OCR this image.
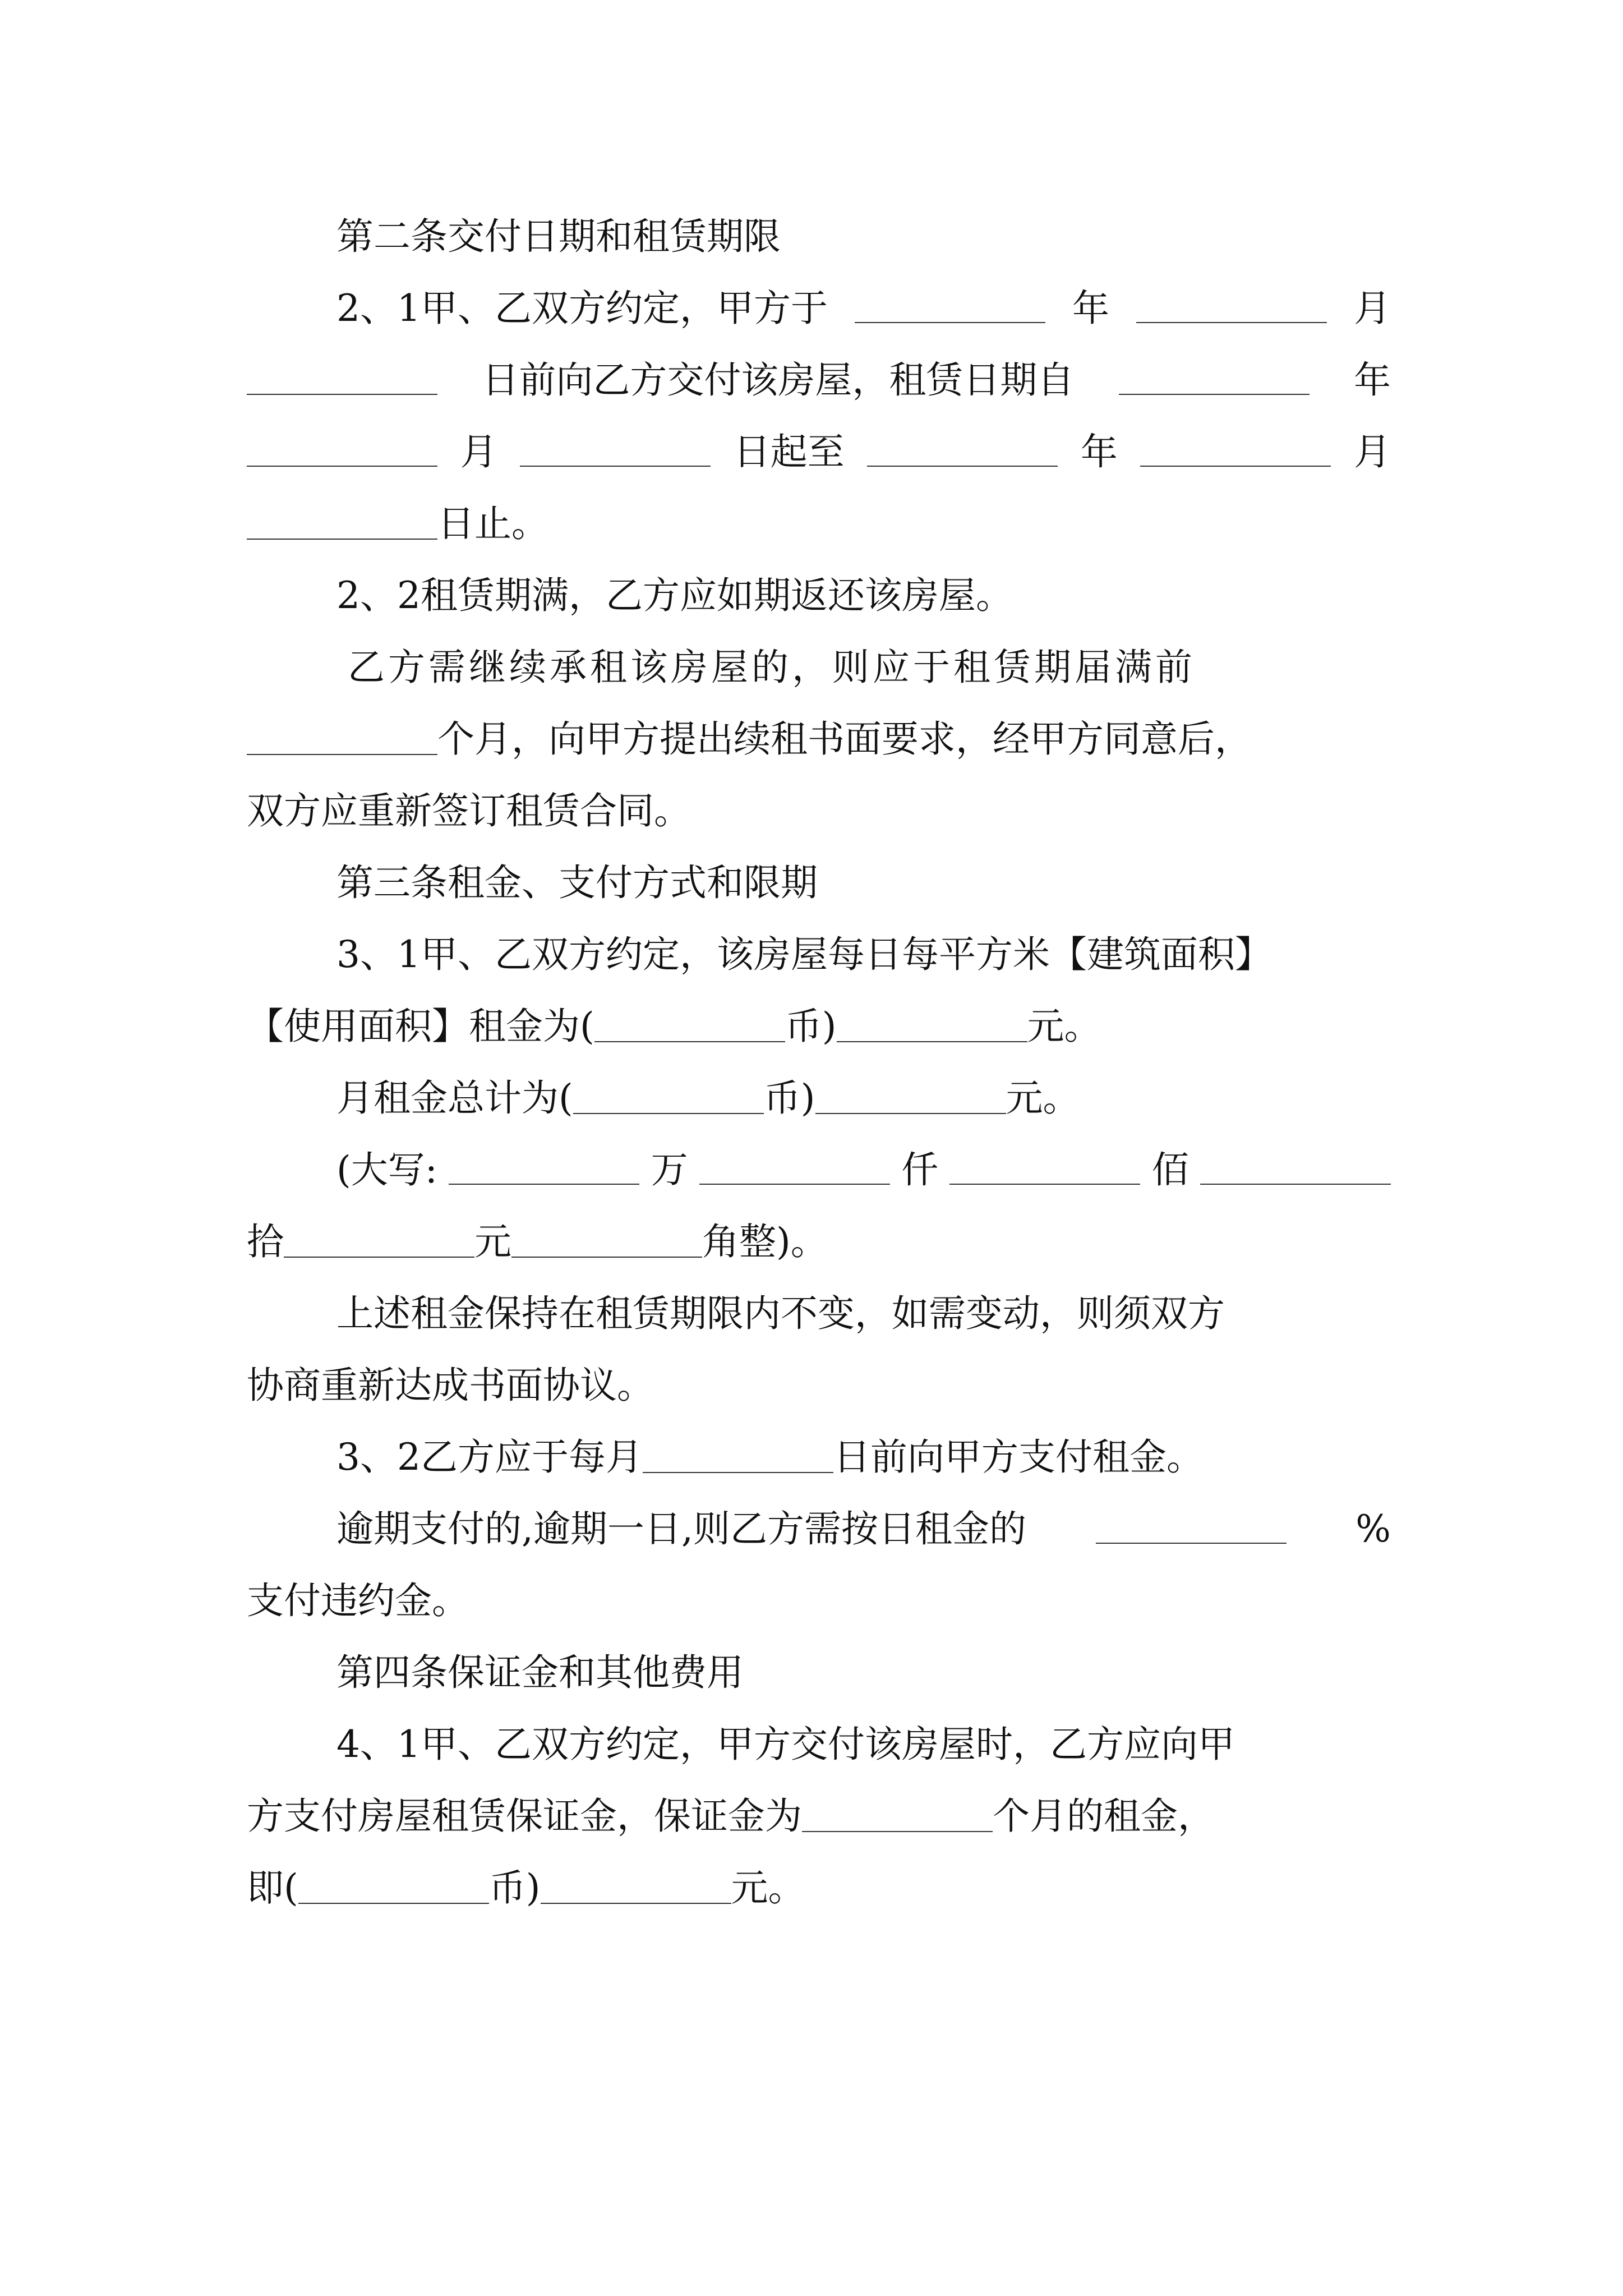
第二条交付日期和租赁期限
2、1甲、乙双方约定，甲方于	年	月
日前向乙方交付该房屋，租赁日期自	年
月	日起至	年	月
日止。
2、2租赁期满，乙方应如期返还该房屋。
乙方需继续承租该房屋的，则应于租赁期届满前
个月，向甲方提出续租书面要求，经甲方同意后，
双方应重新签订租赁合同。
第三条租金、支付方式和限期
3、1甲、乙双方约定，该房屋每日每平方米【建筑面积】
【使用面积】租金为(	币)	元。
月租金总计为(	币)	元。
(大写:	万	仟	佰
拾	元	角整)。
上述租金保持在租赁期限内不变，如需变动，则须双方
协商重新达成书面协议。
3、2乙方应于每月	日前向甲方支付租金。
逾期支付的,逾期一日,则乙方需按日租金的	%
支付违约金。
第四条保证金和其他费用
4、1甲、乙双方约定，甲方交付该房屋时，乙方应向甲
方支付房屋租赁保证金，保证金为	个月的租金，
即(	币)	元。
